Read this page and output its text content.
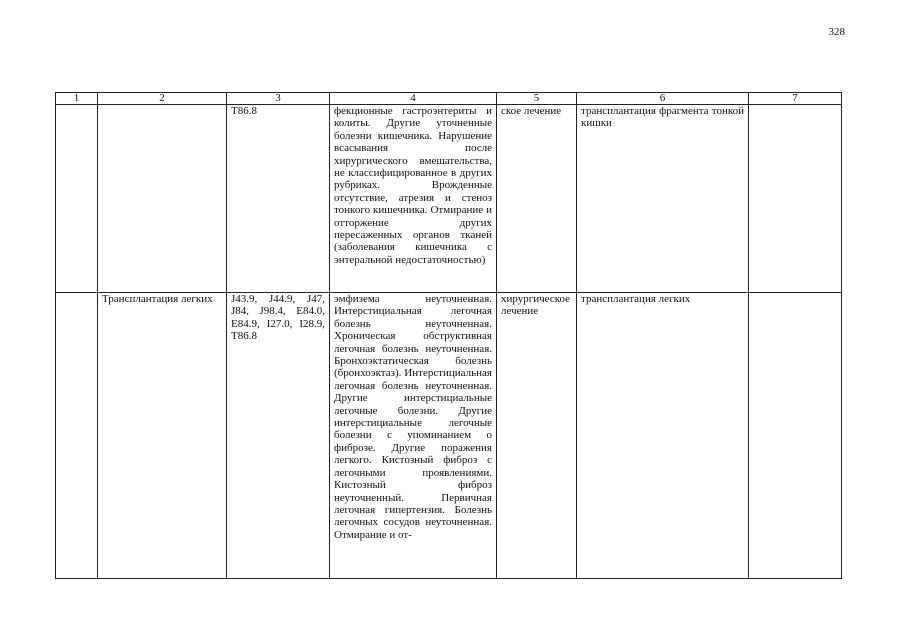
328
1	2	3	4	5	6	7
		T86.8	фекционные гастроэнтериты и колиты. Другие уточненные болезни кишечника. Нарушение всасывания после хирургического вмешательства, не классифицированное в других рубриках. Врожденные отсутствие, атрезия и стеноз тонкого кишечника. Отмирание и отторжение других пересаженных органов тканей (заболевания кишечника с энтеральной недостаточностью)	ское лечение	трансплантация фрагмента тонкой кишки	
	Трансплантация легких	J43.9, J44.9, J47, J84, J98.4, E84.0, E84.9, I27.0, I28.9, T86.8	эмфизема неуточненная. Интерстициальная легочная болезнь неуточненная. Хроническая обструктивная легочная болезнь неуточненная. Бронхоэктатическая болезнь (бронхоэктаз). Интерстициальная легочная болезнь неуточненная. Другие интерстициальные легочные болезни. Другие интерстициальные легочные болезни с упоминанием о фиброзе. Другие поражения легкого. Кистозный фиброз с легочными проявлениями. Кистозный фиброз неуточненный. Первичная легочная гипертензия. Болезнь легочных сосудов неуточненная. Отмирание и от-	хирургическое лечение	трансплантация легких	
